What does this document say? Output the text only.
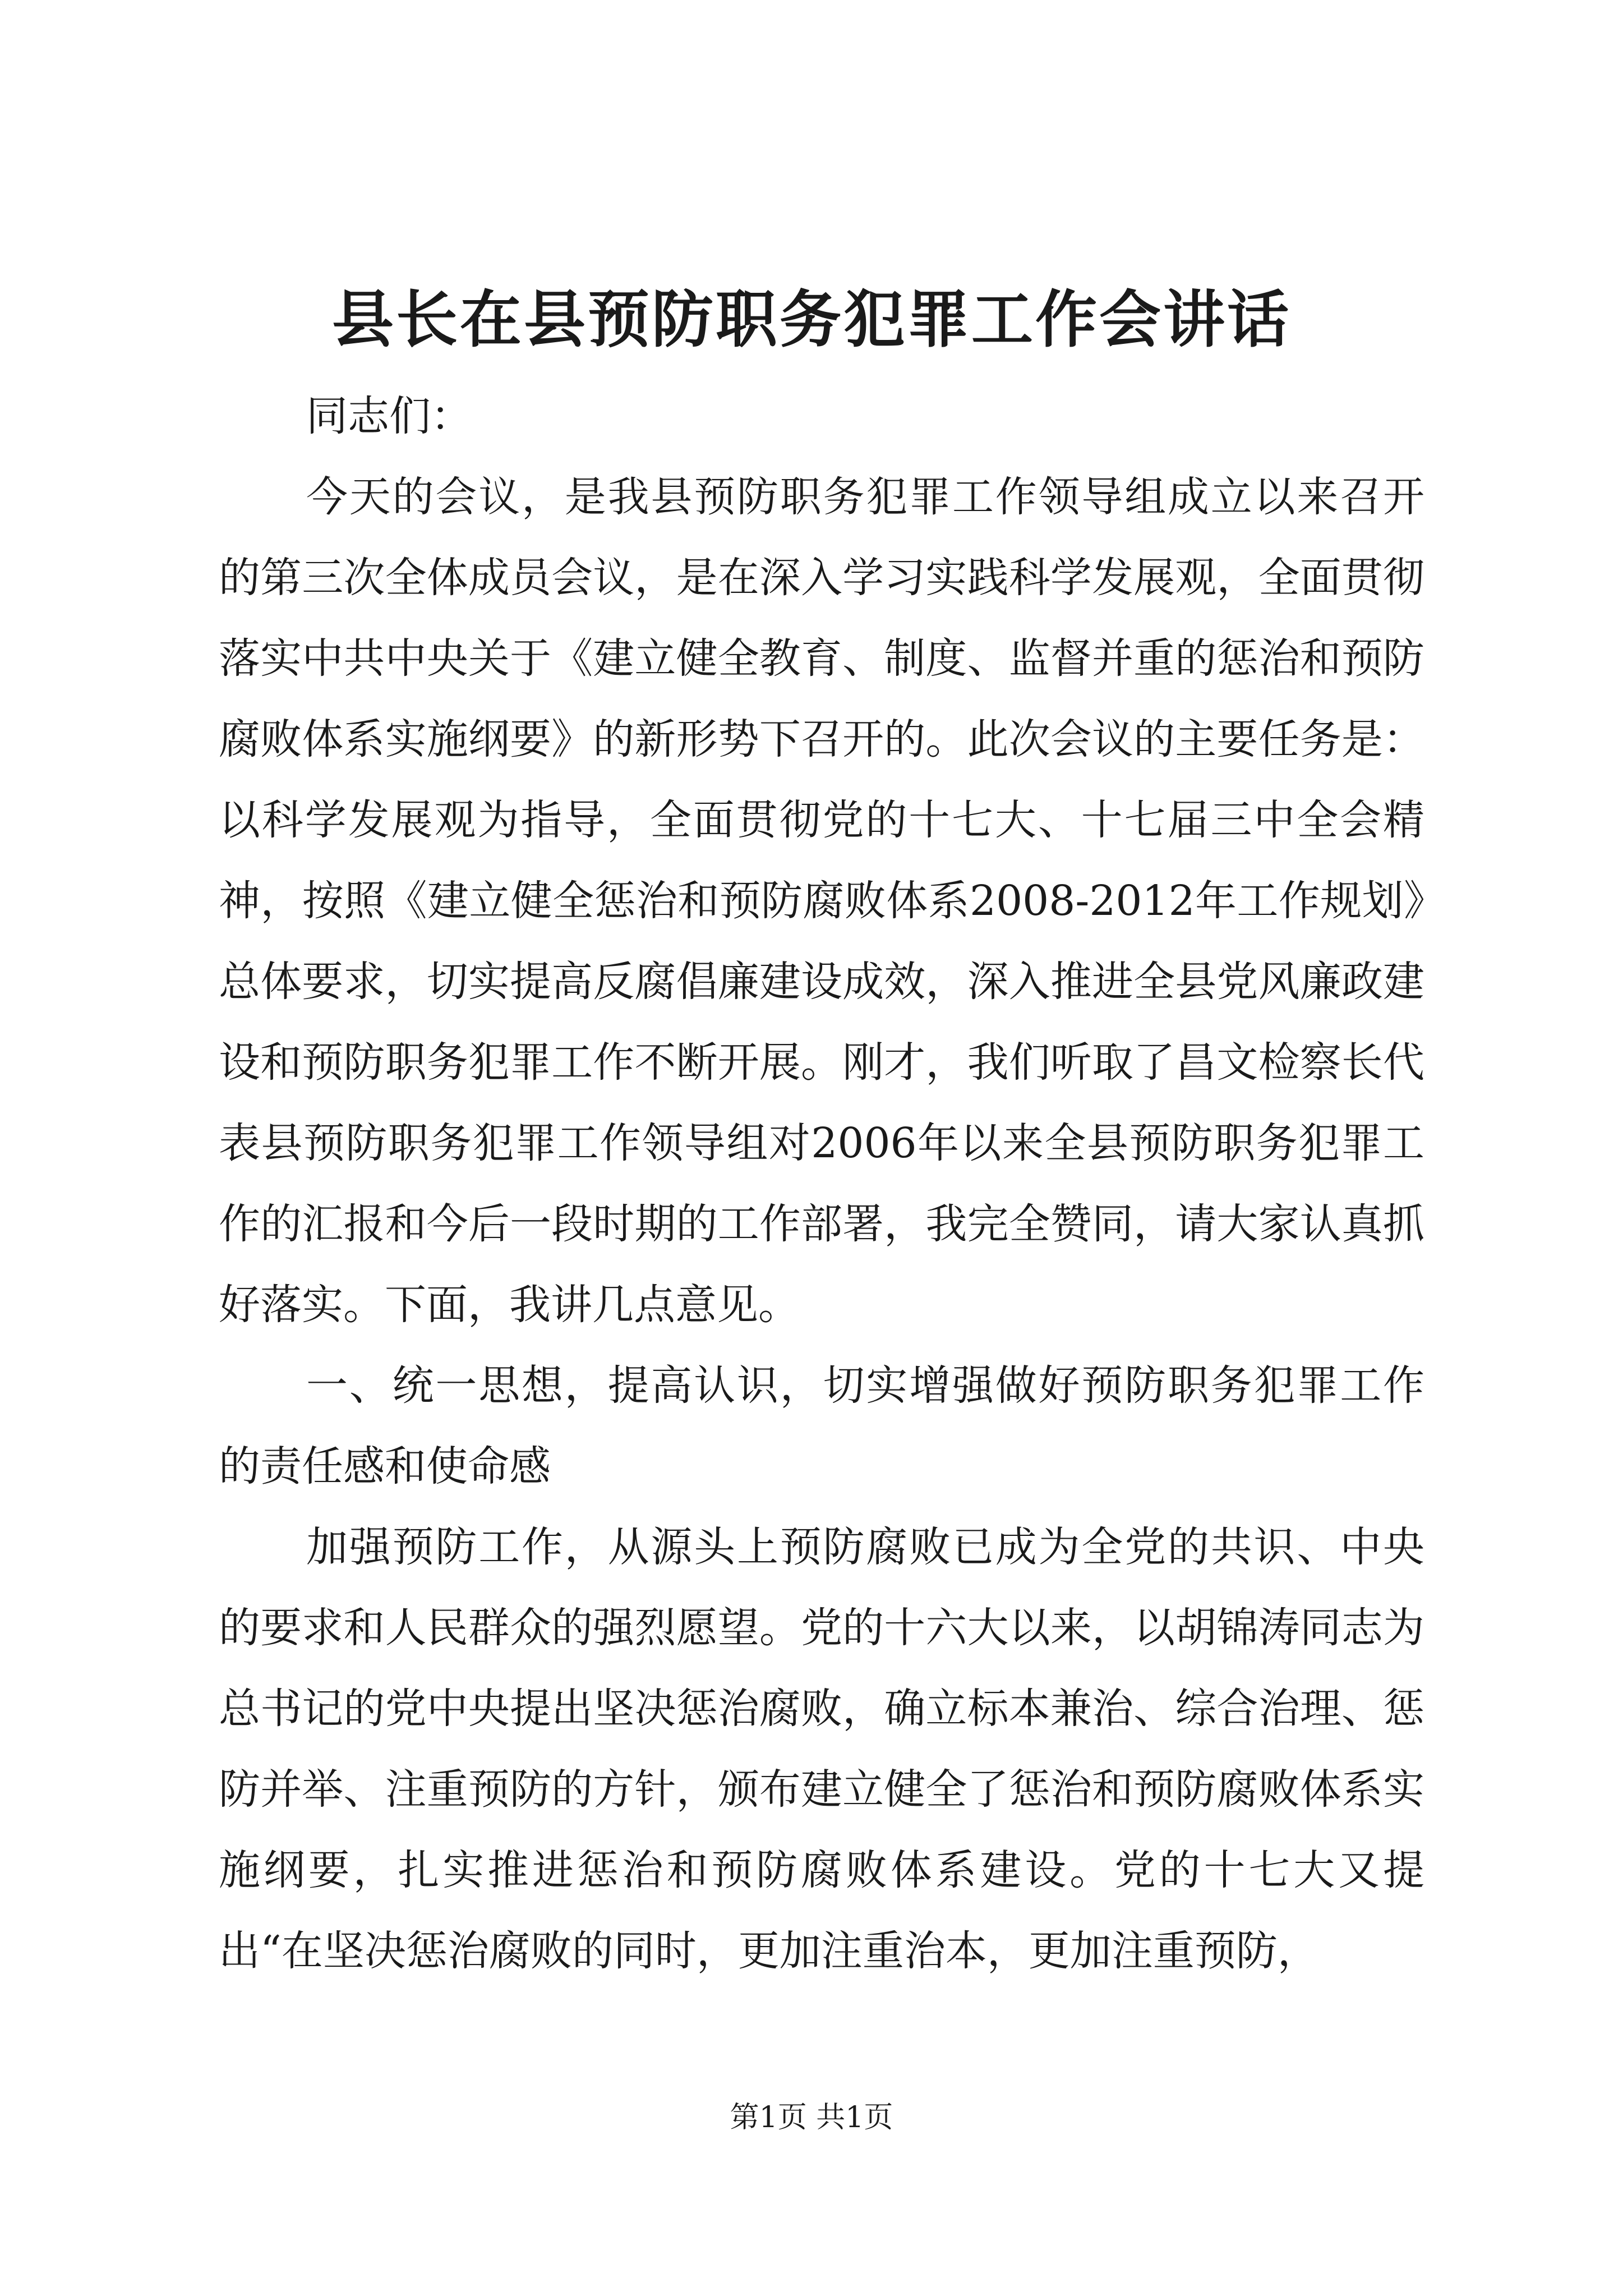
县长在县预防职务犯罪工作会讲话

同志们：

今天的会议，是我县预防职务犯罪工作领导组成立以来召开的第三次全体成员会议，是在深入学习实践科学发展观，全面贯彻落实中共中央关于《建立健全教育、制度、监督并重的惩治和预防腐败体系实施纲要》的新形势下召开的。此次会议的主要任务是：以科学发展观为指导，全面贯彻党的十七大、十七届三中全会精神，按照《建立健全惩治和预防腐败体系2008-2012年工作规划》总体要求，切实提高反腐倡廉建设成效，深入推进全县党风廉政建设和预防职务犯罪工作不断开展。刚才，我们听取了昌文检察长代表县预防职务犯罪工作领导组对2006年以来全县预防职务犯罪工作的汇报和今后一段时期的工作部署，我完全赞同，请大家认真抓好落实。下面，我讲几点意见。

一、统一思想，提高认识，切实增强做好预防职务犯罪工作的责任感和使命感

加强预防工作，从源头上预防腐败已成为全党的共识、中央的要求和人民群众的强烈愿望。党的十六大以来，以胡锦涛同志为总书记的党中央提出坚决惩治腐败，确立标本兼治、综合治理、惩防并举、注重预防的方针，颁布建立健全了惩治和预防腐败体系实施纲要，扎实推进惩治和预防腐败体系建设。党的十七大又提出“在坚决惩治腐败的同时，更加注重治本，更加注重预防，

第1页 共1页
